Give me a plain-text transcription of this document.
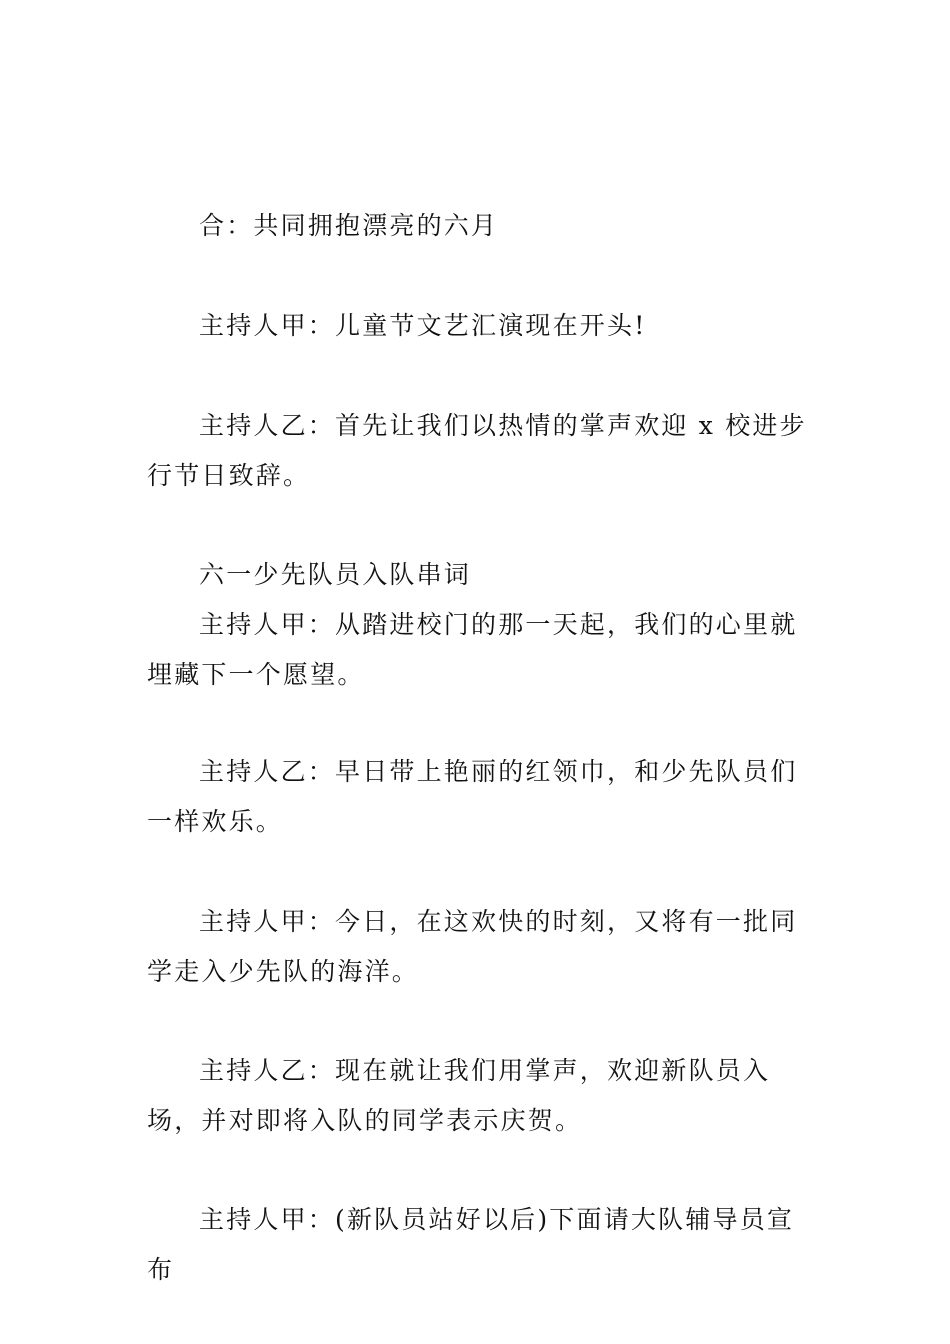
合：共同拥抱漂亮的六月

主持人甲：儿童节文艺汇演现在开头!

主持人乙：首先让我们以热情的掌声欢迎 x 校进步行节日致辞。

六一少先队员入队串词

主持人甲：从踏进校门的那一天起，我们的心里就埋藏下一个愿望。

主持人乙：早日带上艳丽的红领巾，和少先队员们一样欢乐。

主持人甲：今日，在这欢快的时刻，又将有一批同学走入少先队的海洋。

主持人乙：现在就让我们用掌声，欢迎新队员入场，并对即将入队的同学表示庆贺。

主持人甲：(新队员站好以后)下面请大队辅导员宣布
